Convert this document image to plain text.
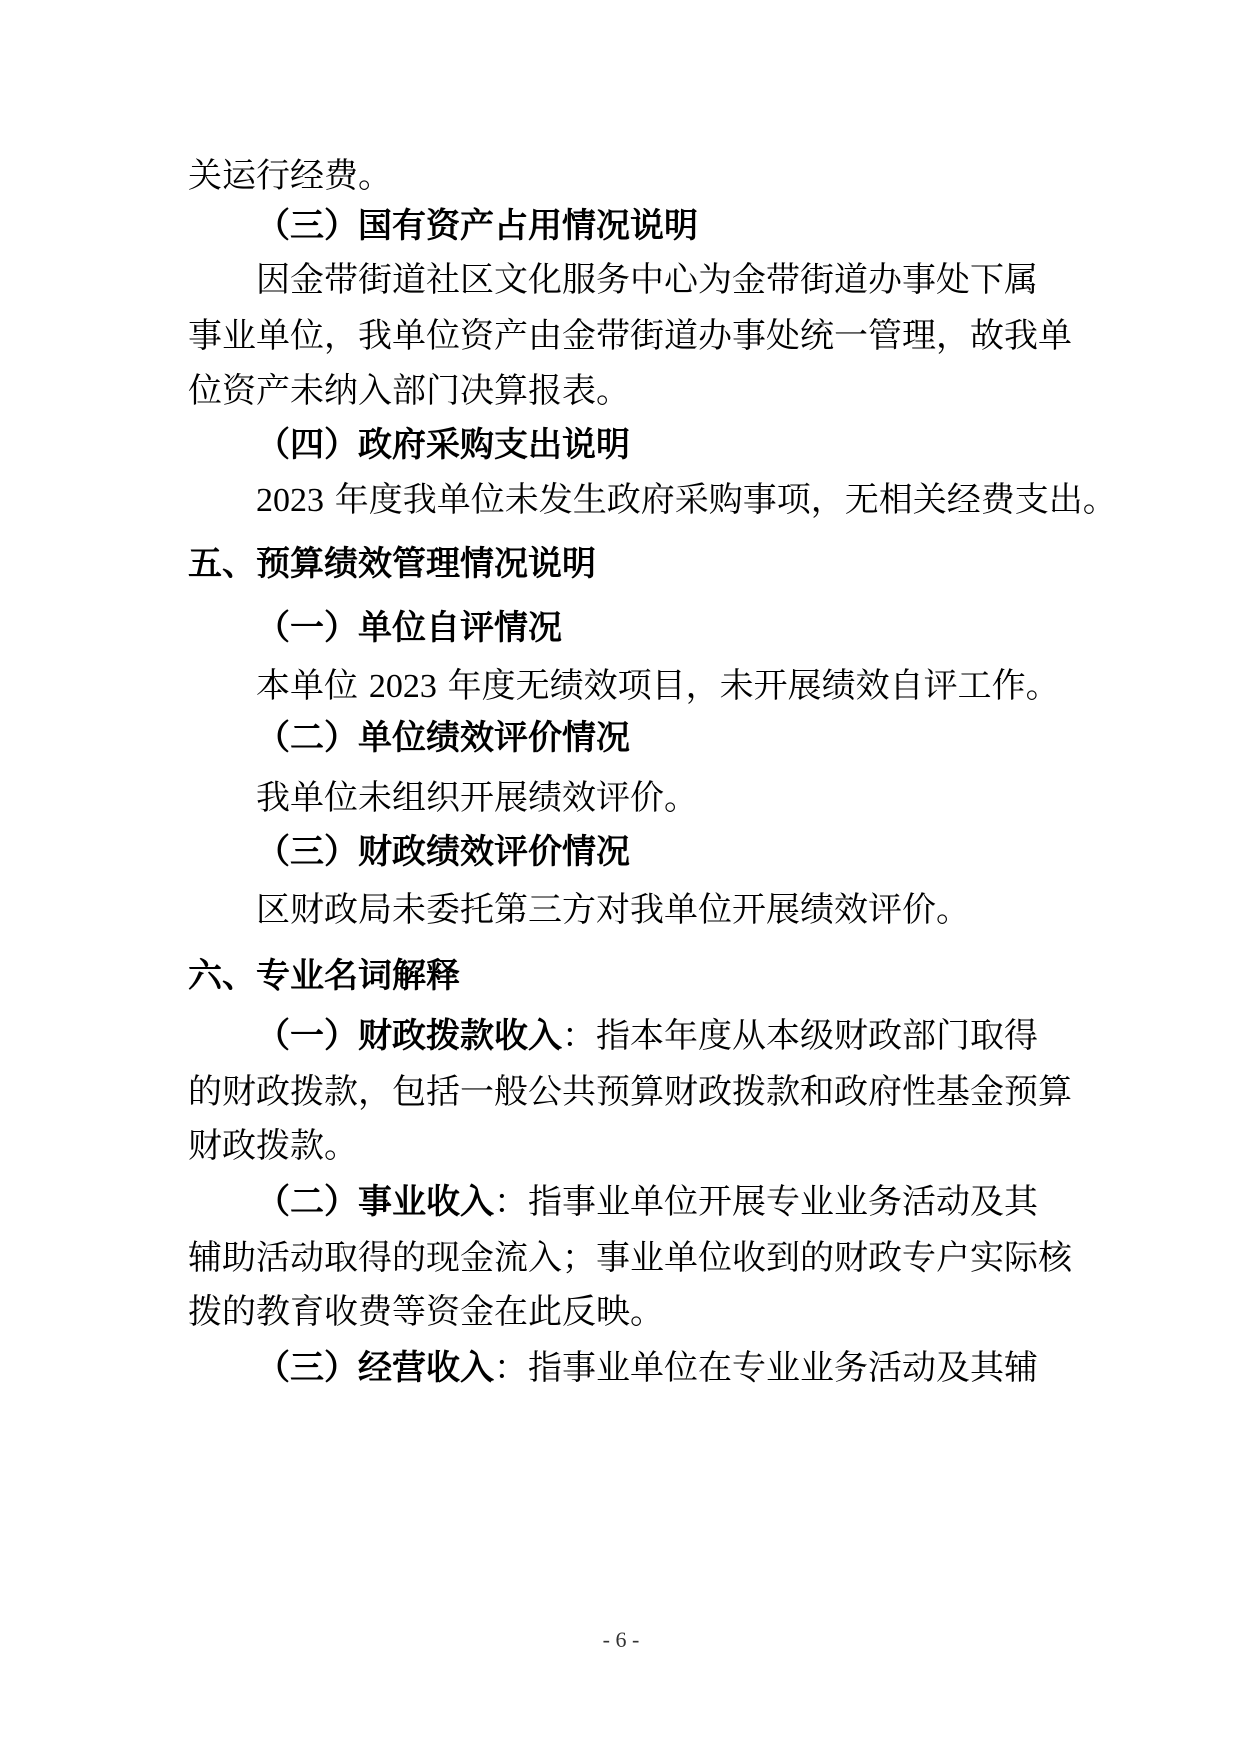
关运行经费。
（三）国有资产占用情况说明
因金带街道社区文化服务中心为金带街道办事处下属
事业单位，我单位资产由金带街道办事处统一管理，故我单
位资产未纳入部门决算报表。
（四）政府采购支出说明
2023 年度我单位未发生政府采购事项，无相关经费支出。
五、预算绩效管理情况说明
（一）单位自评情况
本单位 2023 年度无绩效项目，未开展绩效自评工作。
（二）单位绩效评价情况
我单位未组织开展绩效评价。
（三）财政绩效评价情况
区财政局未委托第三方对我单位开展绩效评价。
六、专业名词解释
（一）财政拨款收入：指本年度从本级财政部门取得
的财政拨款，包括一般公共预算财政拨款和政府性基金预算
财政拨款。
（二）事业收入：指事业单位开展专业业务活动及其
辅助活动取得的现金流入；事业单位收到的财政专户实际核
拨的教育收费等资金在此反映。
（三）经营收入：指事业单位在专业业务活动及其辅
- 6 -
